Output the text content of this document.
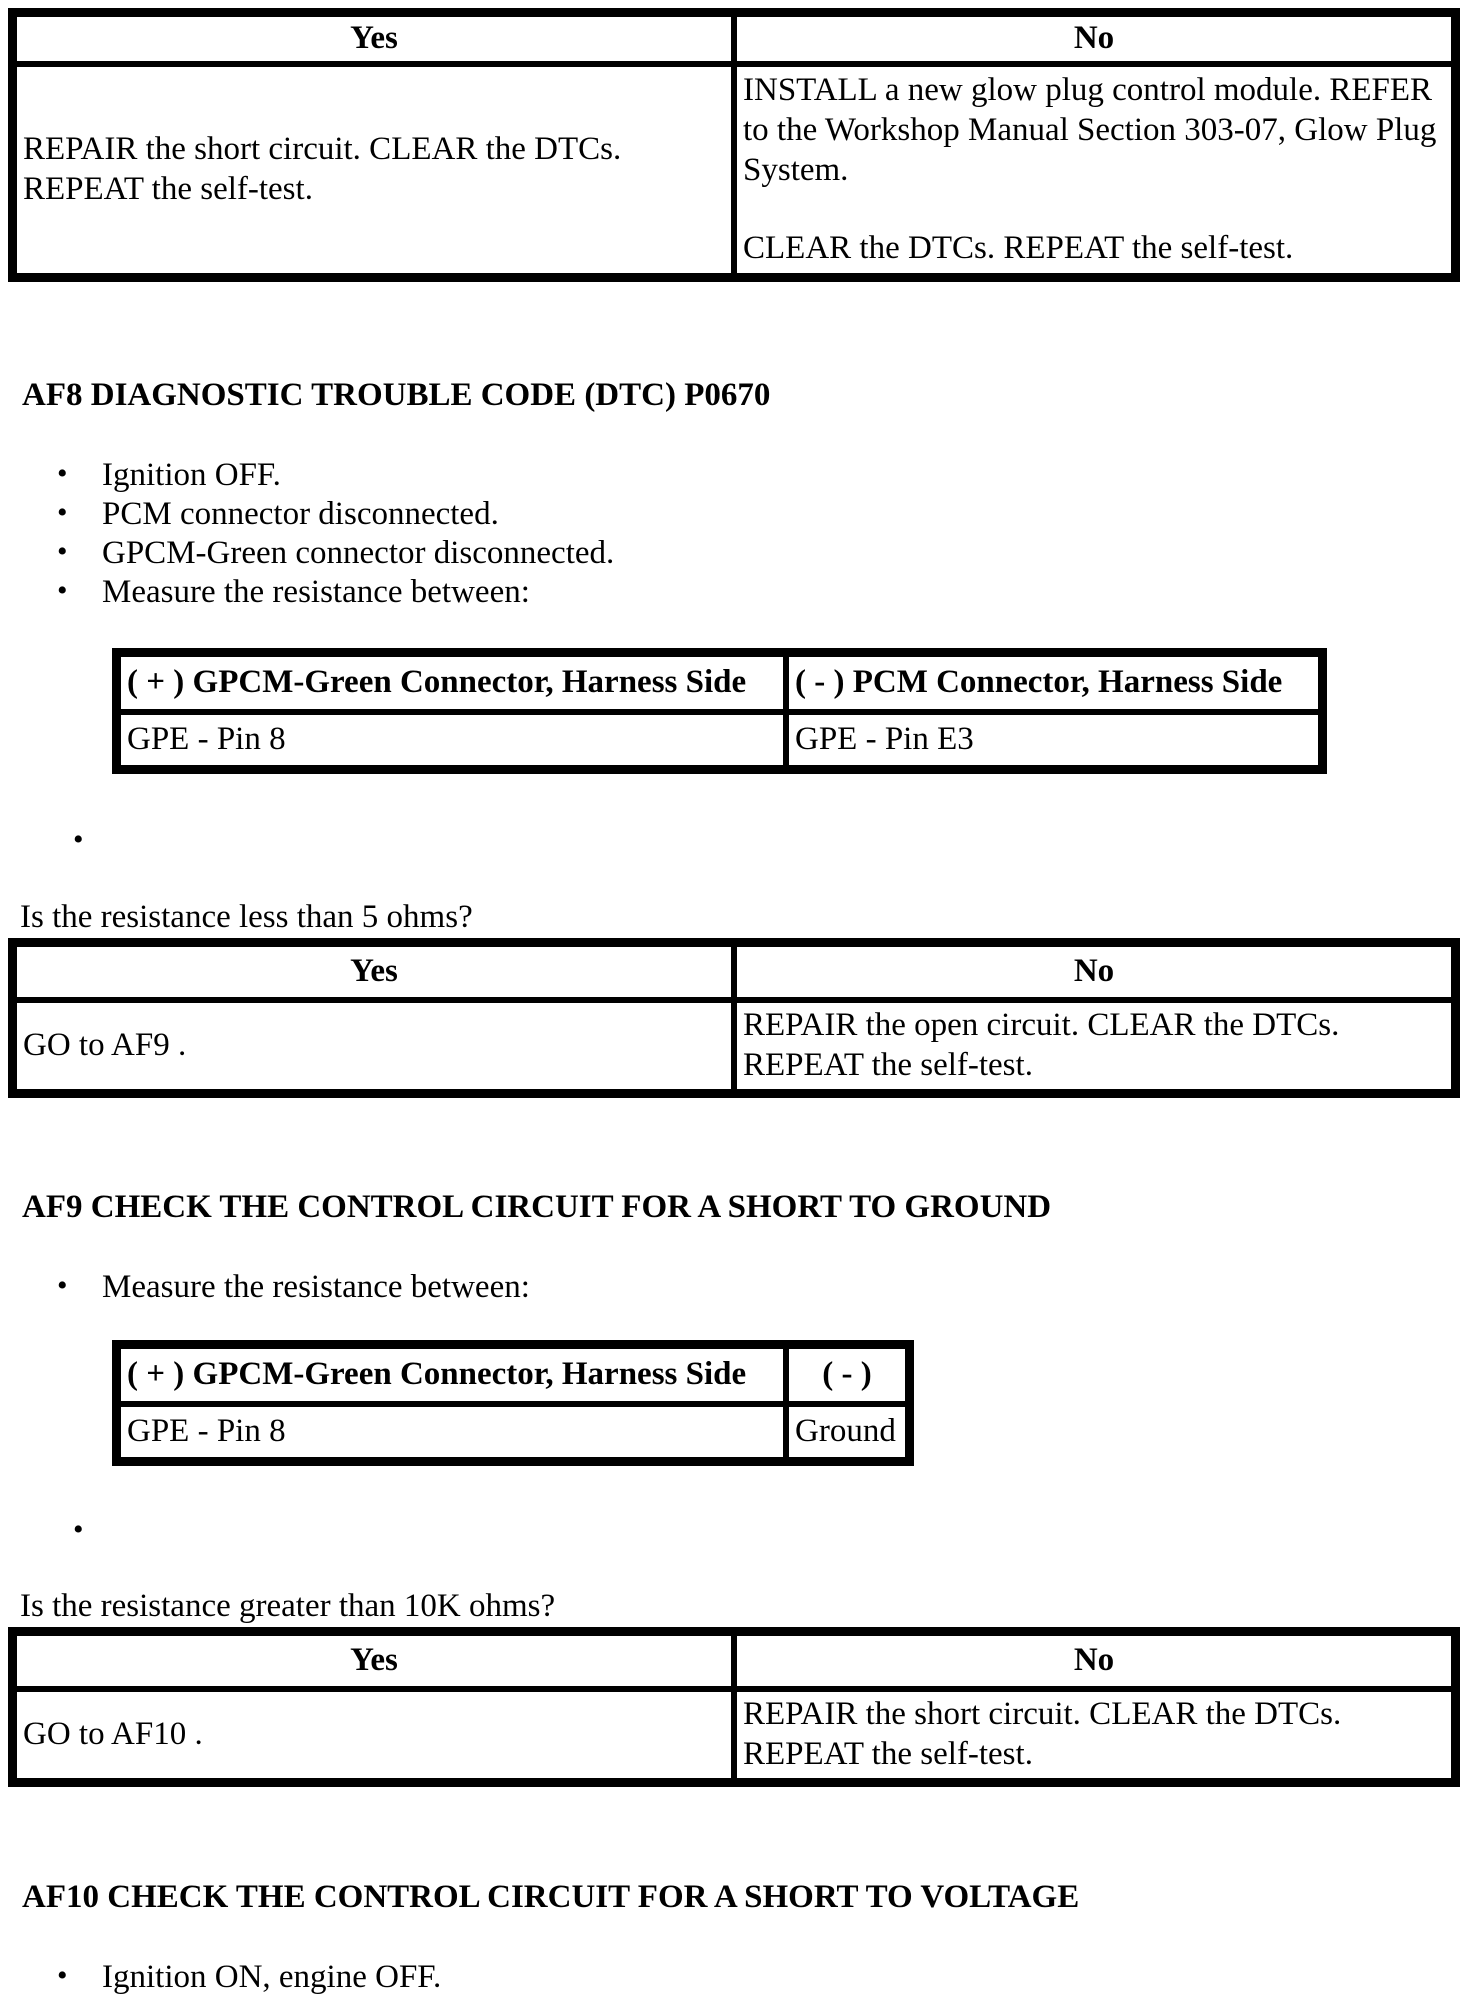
Yes	No

REPAIR the short circuit. CLEAR the DTCs. REPEAT the self-test.	INSTALL a new glow plug control module. REFER to the Workshop Manual Section 303-07, Glow Plug System.
CLEAR the DTCs. REPEAT the self-test.
AF8 DIAGNOSTIC TROUBLE CODE (DTC) P0670
• Ignition OFF.
• PCM connector disconnected.
• GPCM-Green connector disconnected.
• Measure the resistance between:
( + ) GPCM-Green Connector, Harness Side	( - ) PCM Connector, Harness Side
GPE - Pin 8	GPE - Pin E3
•
Is the resistance less than 5 ohms?
Yes	No
GO to AF9 .	REPAIR the open circuit. CLEAR the DTCs. REPEAT the self-test.
AF9 CHECK THE CONTROL CIRCUIT FOR A SHORT TO GROUND
• Measure the resistance between:
( + ) GPCM-Green Connector, Harness Side	( - )
GPE - Pin 8	Ground
•
Is the resistance greater than 10K ohms?
Yes	No
GO to AF10 .	REPAIR the short circuit. CLEAR the DTCs. REPEAT the self-test.
AF10 CHECK THE CONTROL CIRCUIT FOR A SHORT TO VOLTAGE
• Ignition ON, engine OFF.
